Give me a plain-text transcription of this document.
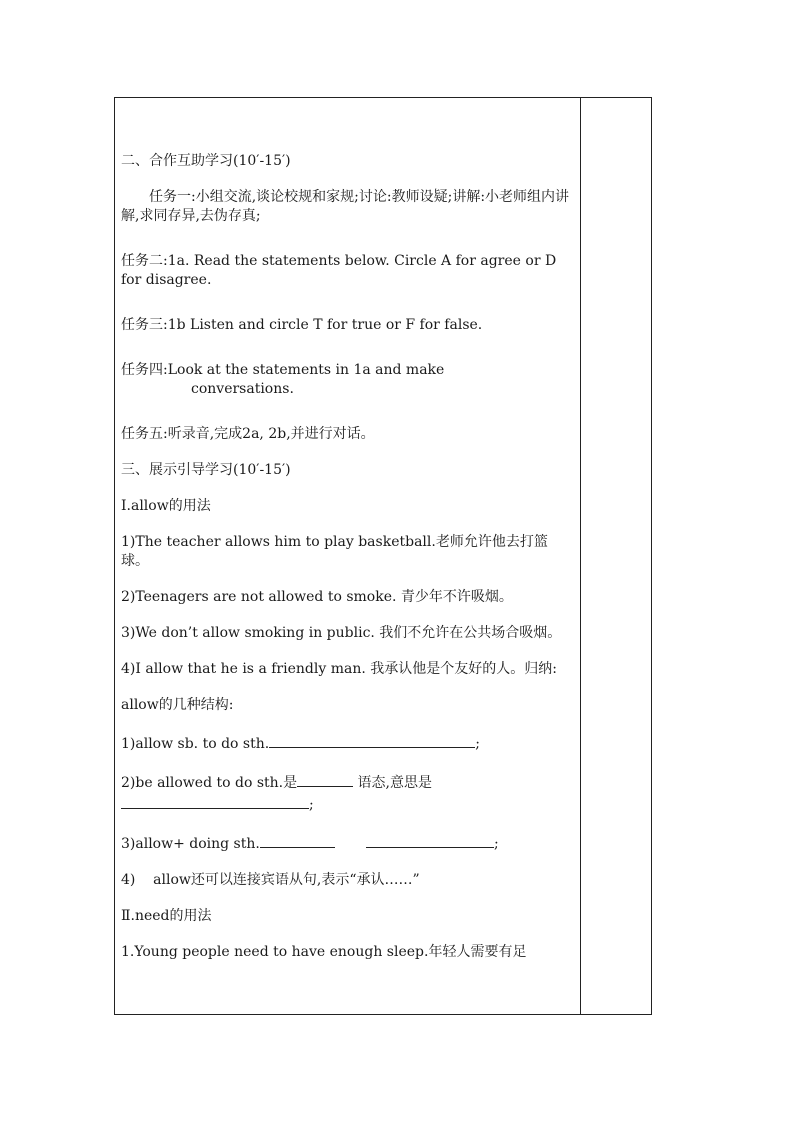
二、合作互助学习(10′-15′)

任务一:小组交流,谈论校规和家规;讨论:教师设疑;讲解:小老师组内讲解,求同存异,去伪存真;

任务二:1a. Read the statements below. Circle A for agree or D for disagree.

任务三:1b Listen and circle T for true or F for false.

任务四:Look at the statements in 1a and make
conversations.

任务五:听录音,完成2a, 2b,并进行对话。

三、展示引导学习(10′-15′)

Ⅰ.allow的用法

1)The teacher allows him to play basketball.老师允许他去打篮球。

2)Teenagers are not allowed to smoke. 青少年不许吸烟。

3)We don’t allow smoking in public. 我们不允许在公共场合吸烟。

4)I allow that he is a friendly man. 我承认他是个友好的人。归纳:

allow的几种结构:

1)allow sb. to do sth.	;

2)be allowed to do sth.是	语态,意思是
;

3)allow+ doing sth.	;

4)    allow还可以连接宾语从句,表示“承认……”

Ⅱ.need的用法

1.Young people need to have enough sleep.年轻人需要有足
